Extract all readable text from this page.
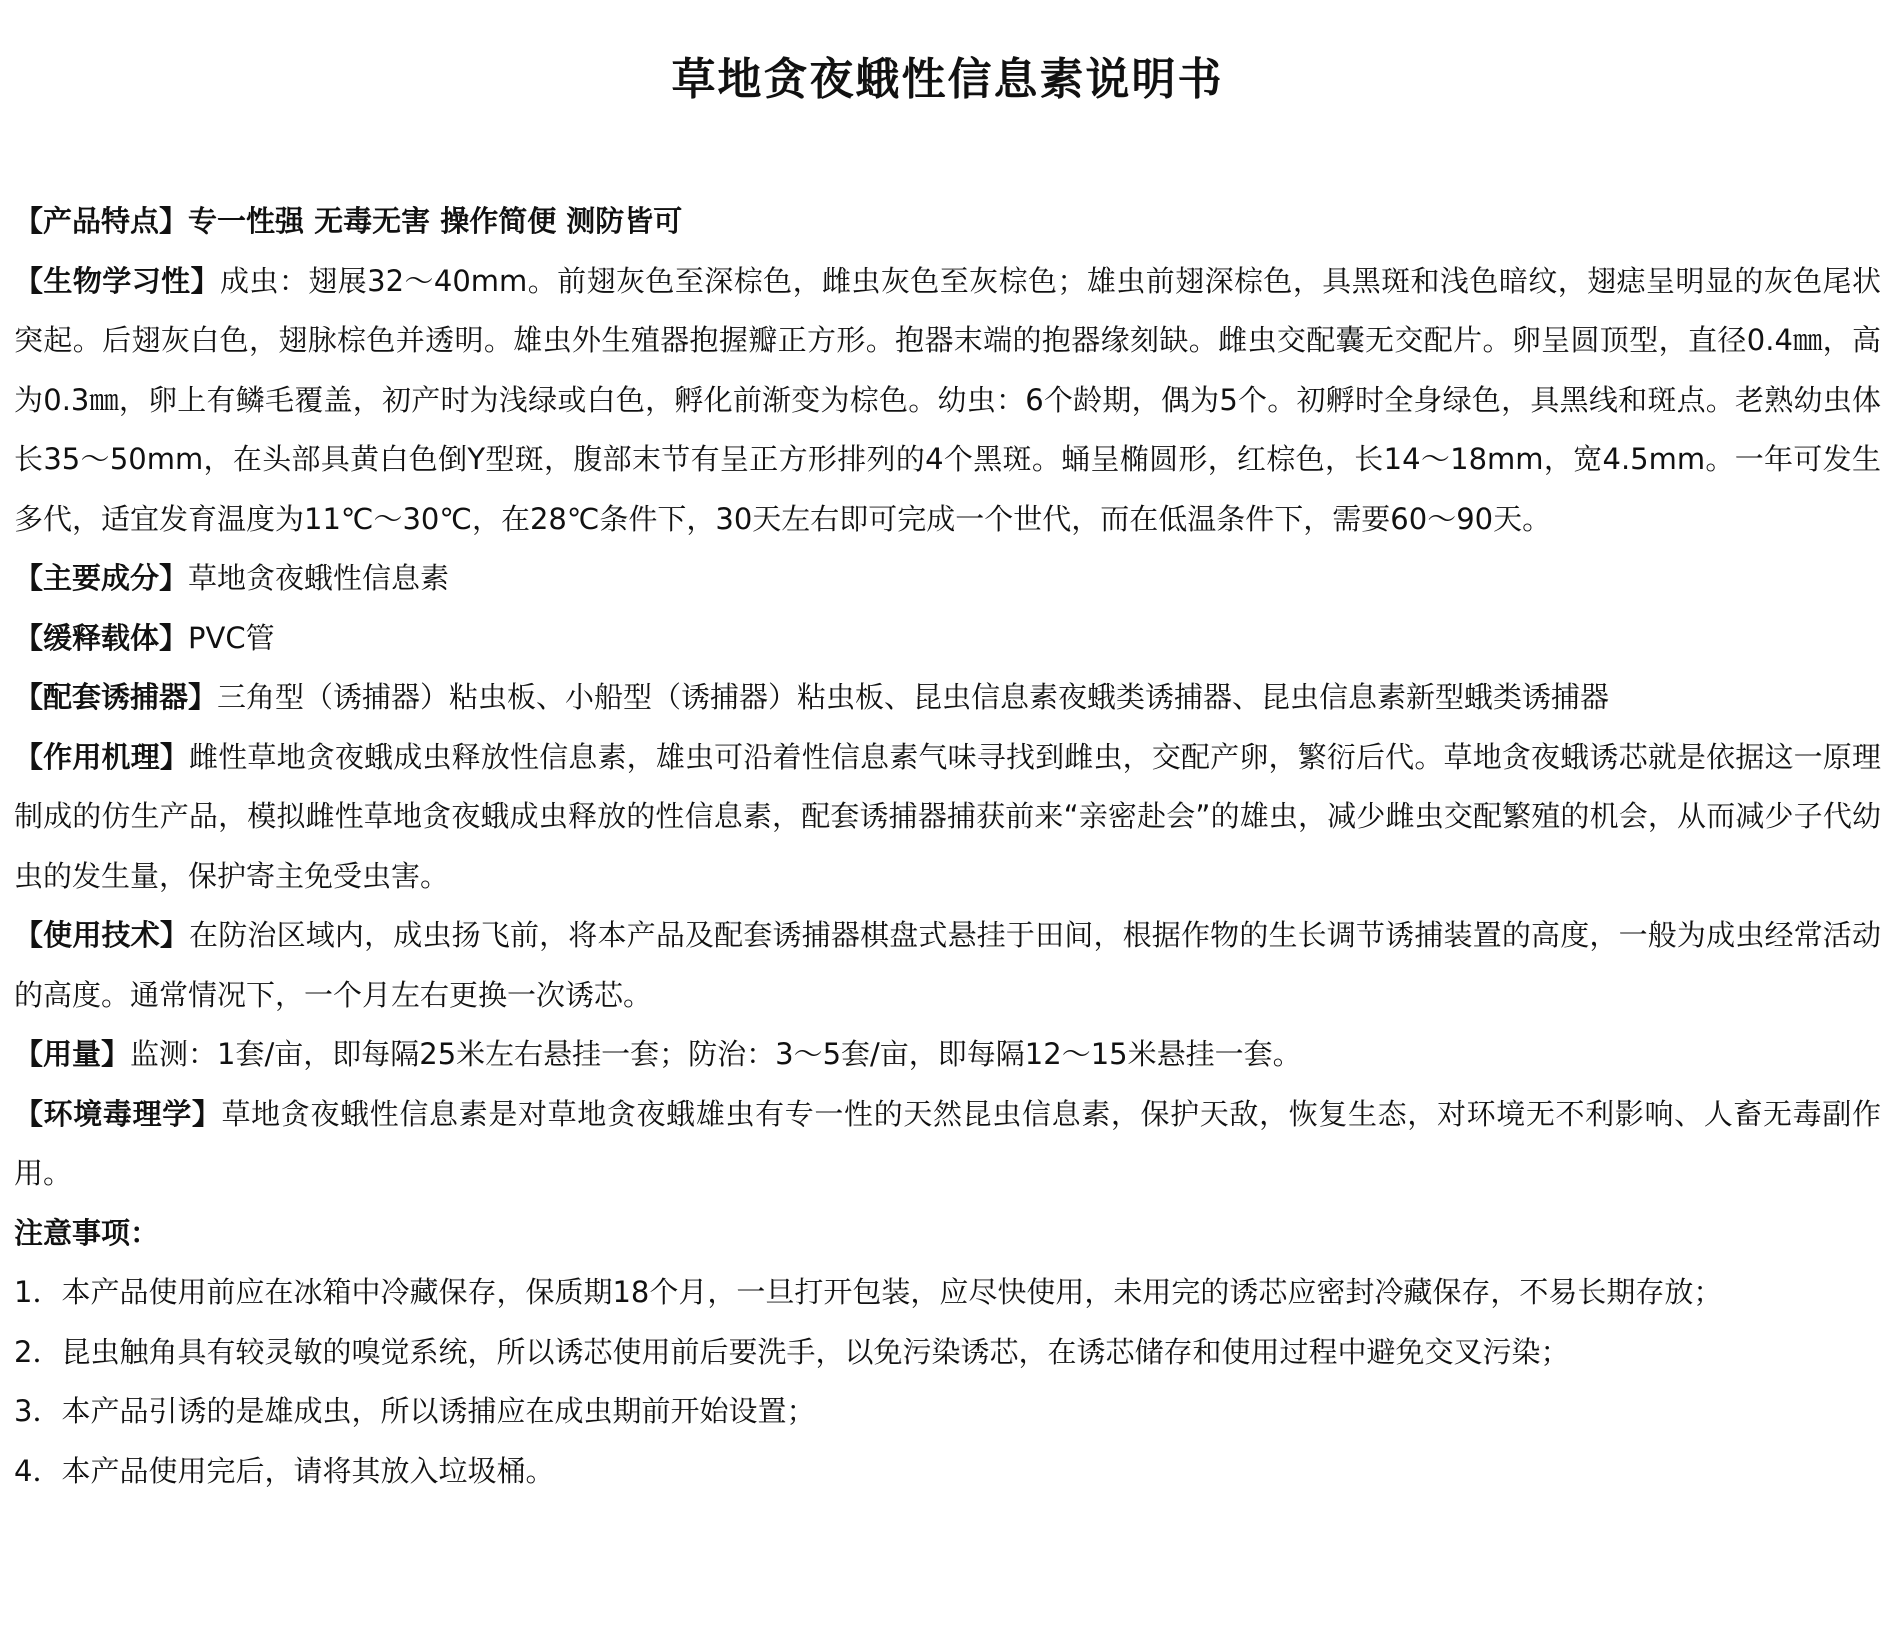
草地贪夜蛾性信息素说明书

【产品特点】专一性强 无毒无害 操作简便 测防皆可

【生物学习性】成虫：翅展32～40mm。前翅灰色至深棕色，雌虫灰色至灰棕色；雄虫前翅深棕色，具黑斑和浅色暗纹，翅痣呈明显的灰色尾状突起。后翅灰白色，翅脉棕色并透明。雄虫外生殖器抱握瓣正方形。抱器末端的抱器缘刻缺。雌虫交配囊无交配片。卵呈圆顶型，直径0.4㎜，高为0.3㎜，卵上有鳞毛覆盖，初产时为浅绿或白色，孵化前渐变为棕色。幼虫：6个龄期，偶为5个。初孵时全身绿色，具黑线和斑点。老熟幼虫体长35～50mm，在头部具黄白色倒Y型斑，腹部末节有呈正方形排列的4个黑斑。蛹呈椭圆形，红棕色，长14～18mm，宽4.5mm。一年可发生多代，适宜发育温度为11℃～30℃，在28℃条件下，30天左右即可完成一个世代，而在低温条件下，需要60～90天。

【主要成分】草地贪夜蛾性信息素

【缓释载体】PVC管

【配套诱捕器】三角型（诱捕器）粘虫板、小船型（诱捕器）粘虫板、昆虫信息素夜蛾类诱捕器、昆虫信息素新型蛾类诱捕器

【作用机理】雌性草地贪夜蛾成虫释放性信息素，雄虫可沿着性信息素气味寻找到雌虫，交配产卵，繁衍后代。草地贪夜蛾诱芯就是依据这一原理制成的仿生产品，模拟雌性草地贪夜蛾成虫释放的性信息素，配套诱捕器捕获前来“亲密赴会”的雄虫，减少雌虫交配繁殖的机会，从而减少子代幼虫的发生量，保护寄主免受虫害。

【使用技术】在防治区域内，成虫扬飞前，将本产品及配套诱捕器棋盘式悬挂于田间，根据作物的生长调节诱捕装置的高度，一般为成虫经常活动的高度。通常情况下，一个月左右更换一次诱芯。

【用量】监测：1套/亩，即每隔25米左右悬挂一套；防治：3～5套/亩，即每隔12～15米悬挂一套。

【环境毒理学】草地贪夜蛾性信息素是对草地贪夜蛾雄虫有专一性的天然昆虫信息素，保护天敌，恢复生态，对环境无不利影响、人畜无毒副作用。

注意事项：

1．本产品使用前应在冰箱中冷藏保存，保质期18个月，一旦打开包装，应尽快使用，未用完的诱芯应密封冷藏保存，不易长期存放；

2．昆虫触角具有较灵敏的嗅觉系统，所以诱芯使用前后要洗手，以免污染诱芯，在诱芯储存和使用过程中避免交叉污染；

3．本产品引诱的是雄成虫，所以诱捕应在成虫期前开始设置；

4．本产品使用完后，请将其放入垃圾桶。
